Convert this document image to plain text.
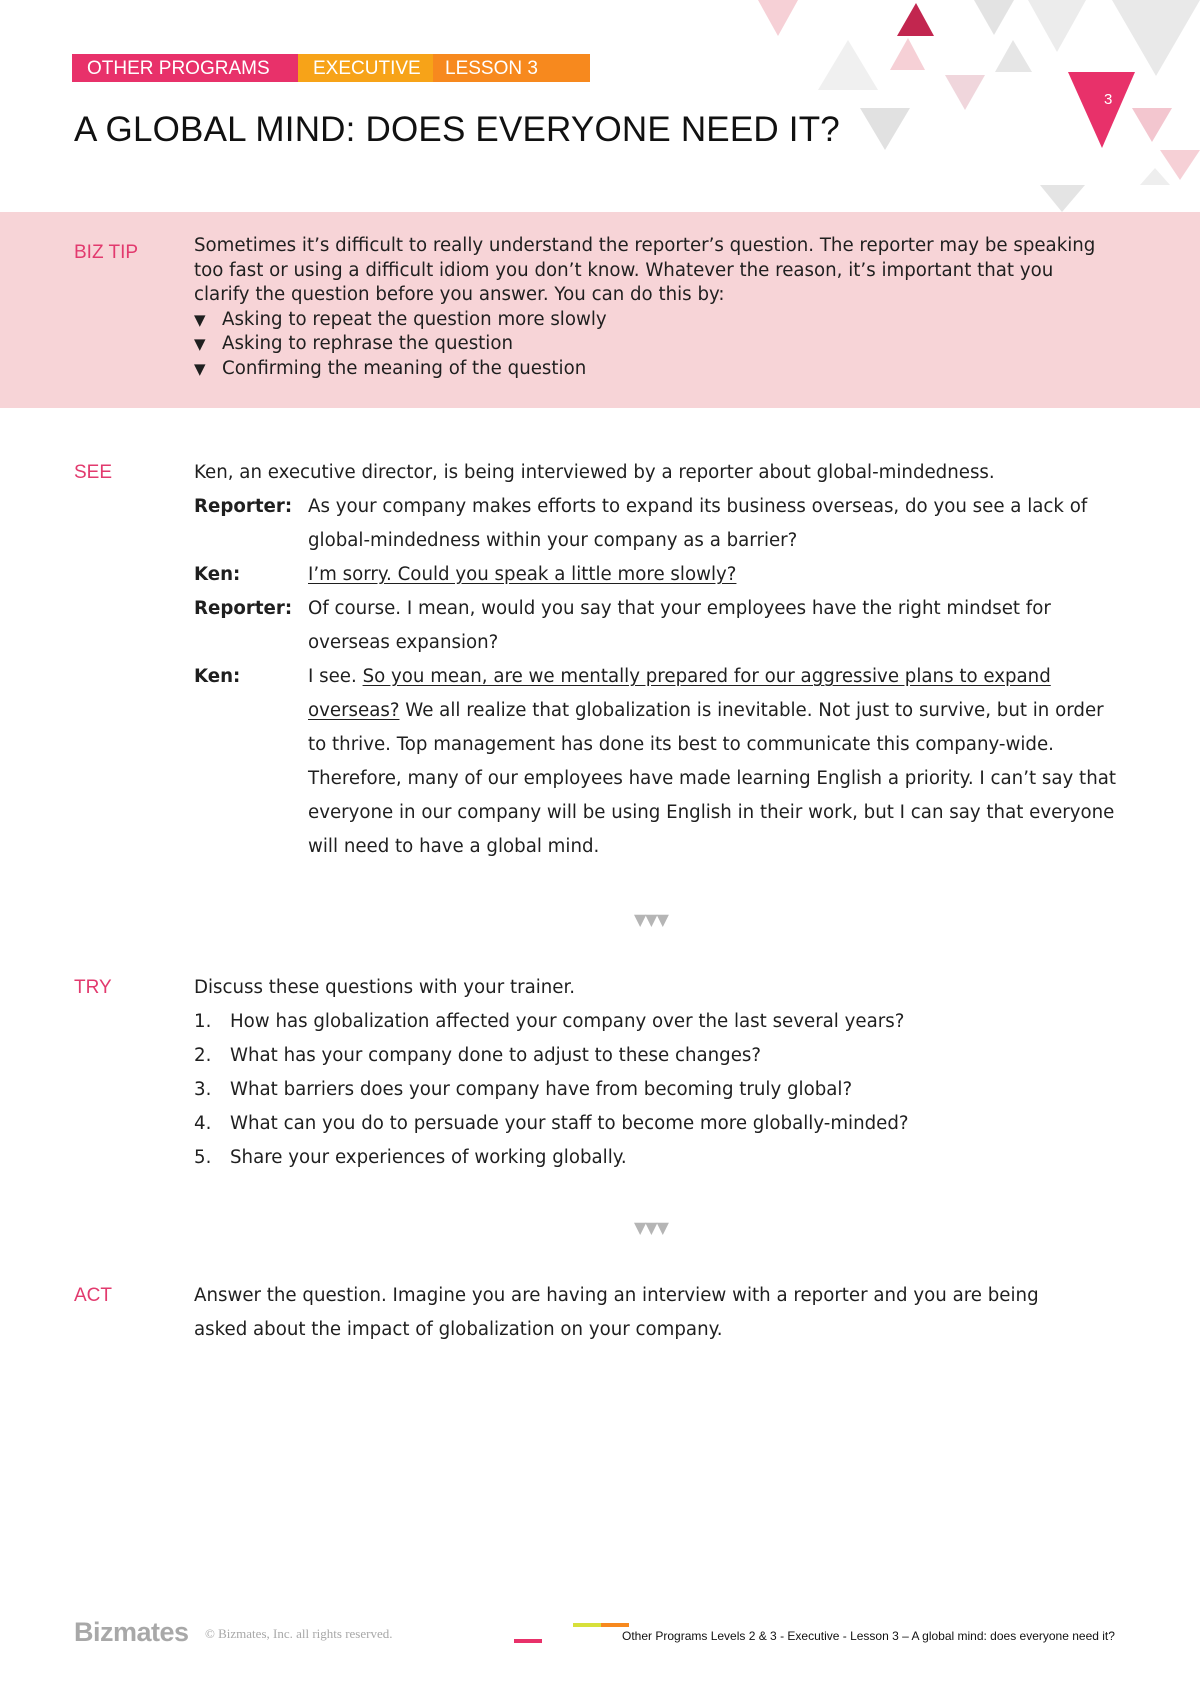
OTHER PROGRAMS	EXECUTIVE	LESSON 3
3
A GLOBAL MIND: DOES EVERYONE NEED IT?
BIZ TIP	Sometimes it’s difficult to really understand the reporter’s question. The reporter may be speaking

too fast or using a difficult idiom you don’t know. Whatever the reason, it’s important that you

clarify the question before you answer. You can do this by:

▼ Asking to repeat the question more slowly
▼ Asking to rephrase the question
▼ Confirming the meaning of the question
SEE	Ken, an executive director, is being interviewed by a reporter about global-mindedness.
Reporter: As your company makes efforts to expand its business overseas, do you see a lack of
global-mindedness within your company as a barrier?
Ken:	I’m sorry. Could you speak a little more slowly?
Reporter: Of course. I mean, would you say that your employees have the right mindset for
overseas expansion?
Ken:	I see. So you mean, are we mentally prepared for our aggressive plans to expand
overseas? We all realize that globalization is inevitable. Not just to survive, but in order
to thrive. Top management has done its best to communicate this company-wide.
Therefore, many of our employees have made learning English a priority. I can’t say that
everyone in our company will be using English in their work, but I can say that everyone
will need to have a global mind.
▼▼▼
TRY	Discuss these questions with your trainer.
1. How has globalization affected your company over the last several years?
2. What has your company done to adjust to these changes?
3. What barriers does your company have from becoming truly global?
4. What can you do to persuade your staff to become more globally-minded?
5. Share your experiences of working globally.
▼▼▼
ACT	Answer the question. Imagine you are having an interview with a reporter and you are being
asked about the impact of globalization on your company.
Bizmates © Bizmates, Inc. all rights reserved.	Other Programs Levels 2 & 3 - Executive - Lesson 3 – A global mind: does everyone need it?
